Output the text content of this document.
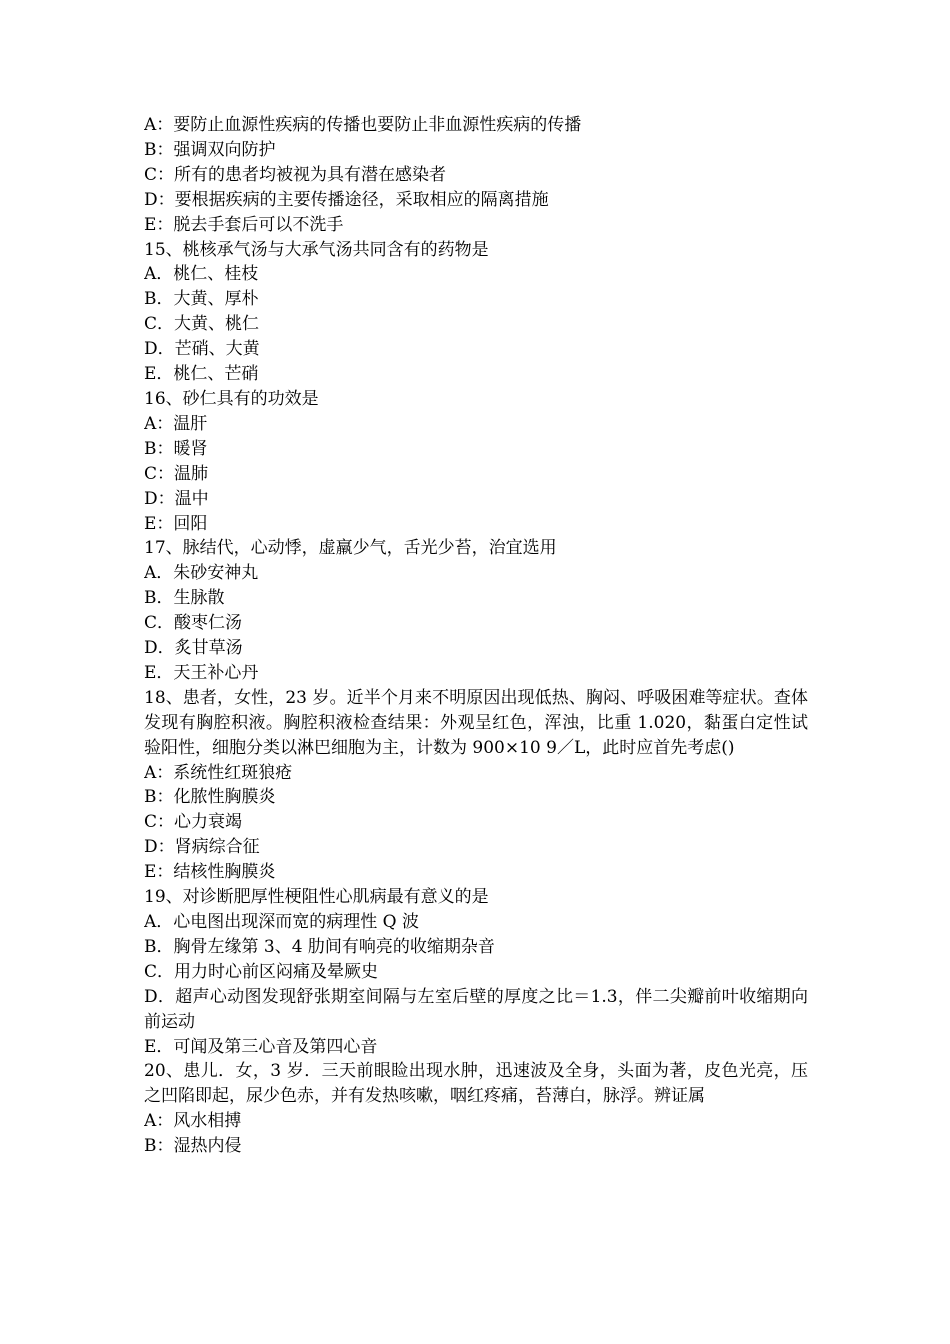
A：要防止血源性疾病的传播也要防止非血源性疾病的传播
B：强调双向防护
C：所有的患者均被视为具有潜在感染者
D：要根据疾病的主要传播途径，采取相应的隔离措施
E：脱去手套后可以不洗手
15、桃核承气汤与大承气汤共同含有的药物是
A．桃仁、桂枝
B．大黄、厚朴
C．大黄、桃仁
D．芒硝、大黄
E．桃仁、芒硝
16、砂仁具有的功效是
A：温肝
B：暖肾
C：温肺
D：温中
E：回阳
17、脉结代，心动悸，虚羸少气，舌光少苔，治宜选用
A．朱砂安神丸
B．生脉散
C．酸枣仁汤
D．炙甘草汤
E．天王补心丹
18、患者，女性，23 岁。近半个月来不明原因出现低热、胸闷、呼吸困难等症状。查体发现有胸腔积液。胸腔积液检查结果：外观呈红色，浑浊，比重 1.020，黏蛋白定性试验阳性，细胞分类以淋巴细胞为主，计数为 900×10 9／L，此时应首先考虑()
A：系统性红斑狼疮
B：化脓性胸膜炎
C：心力衰竭
D：肾病综合征
E：结核性胸膜炎
19、对诊断肥厚性梗阻性心肌病最有意义的是
A．心电图出现深而宽的病理性 Q 波
B．胸骨左缘第 3、4 肋间有响亮的收缩期杂音
C．用力时心前区闷痛及晕厥史
D．超声心动图发现舒张期室间隔与左室后壁的厚度之比＝1.3，伴二尖瓣前叶收缩期向前运动
E．可闻及第三心音及第四心音
20、患儿．女，3 岁．三天前眼睑出现水肿，迅速波及全身，头面为著，皮色光亮，压之凹陷即起，尿少色赤，并有发热咳嗽，咽红疼痛，苔薄白，脉浮。辨证属
A：风水相搏
B：湿热内侵
